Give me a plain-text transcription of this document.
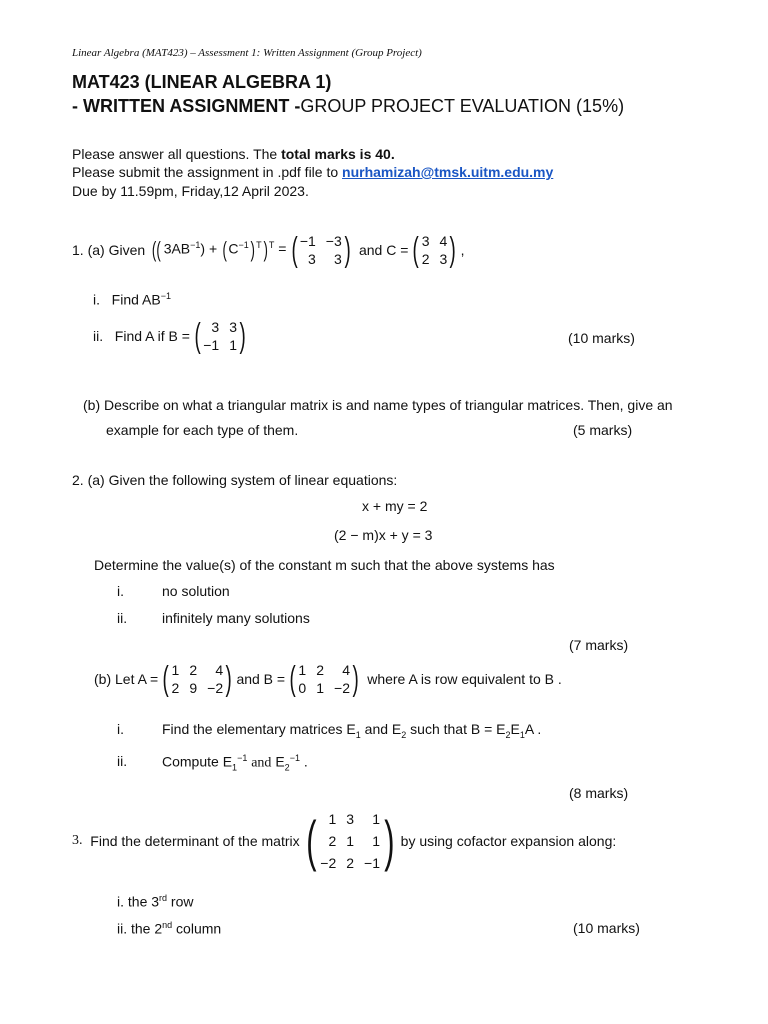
Linear Algebra (MAT423) – Assessment 1: Written Assignment (Group Project)
MAT423 (LINEAR ALGEBRA 1)
- WRITTEN ASSIGNMENT -GROUP PROJECT EVALUATION (15%)
Please answer all questions. The total marks is 40.
Please submit the assignment in .pdf file to nurhamizah@tmsk.uitm.edu.my
Due by 11.59pm, Friday,12 April 2023.
1. (a) Given
(( $3AB^{-1}) + (C^{-1})^T)^T$ = ( −1 −3
3	3 )
and C = ( 3 4
2 3 ) ,
i. Find $AB^{-1}$
ii.
Find A if B = ( 3 3
−1 1 )	(10 marks)
(b) Describe on what a triangular matrix is and name types of triangular matrices. Then, give an
example for each type of them.	(5 marks)
2. (a) Given the following system of linear equations:
x + my = 2
(2 − m)x + y = 3
Determine the value(s) of the constant m such that the above systems has
i.	no solution
ii. infinitely many solutions
(7 marks)
(b) Let A = ( 1 2	4
2 9 −2 ) and B = ( 1 2	4
0 1 −2 )
where A is row equivalent to B .
i.	Find the elementary matrices $E_1$ and $E_2$ such that $B = E_2E_1A$ .
ii. Compute $E_1^{-1}$ and $E_2^{-1}$ .
(8 marks)
3.
Find the determinant of the matrix ( 1 3	1
2 1	1
−2 2 −1 ) by using cofactor expansion along:
i. the 3rd row
ii. the 2nd column	(10 marks)
